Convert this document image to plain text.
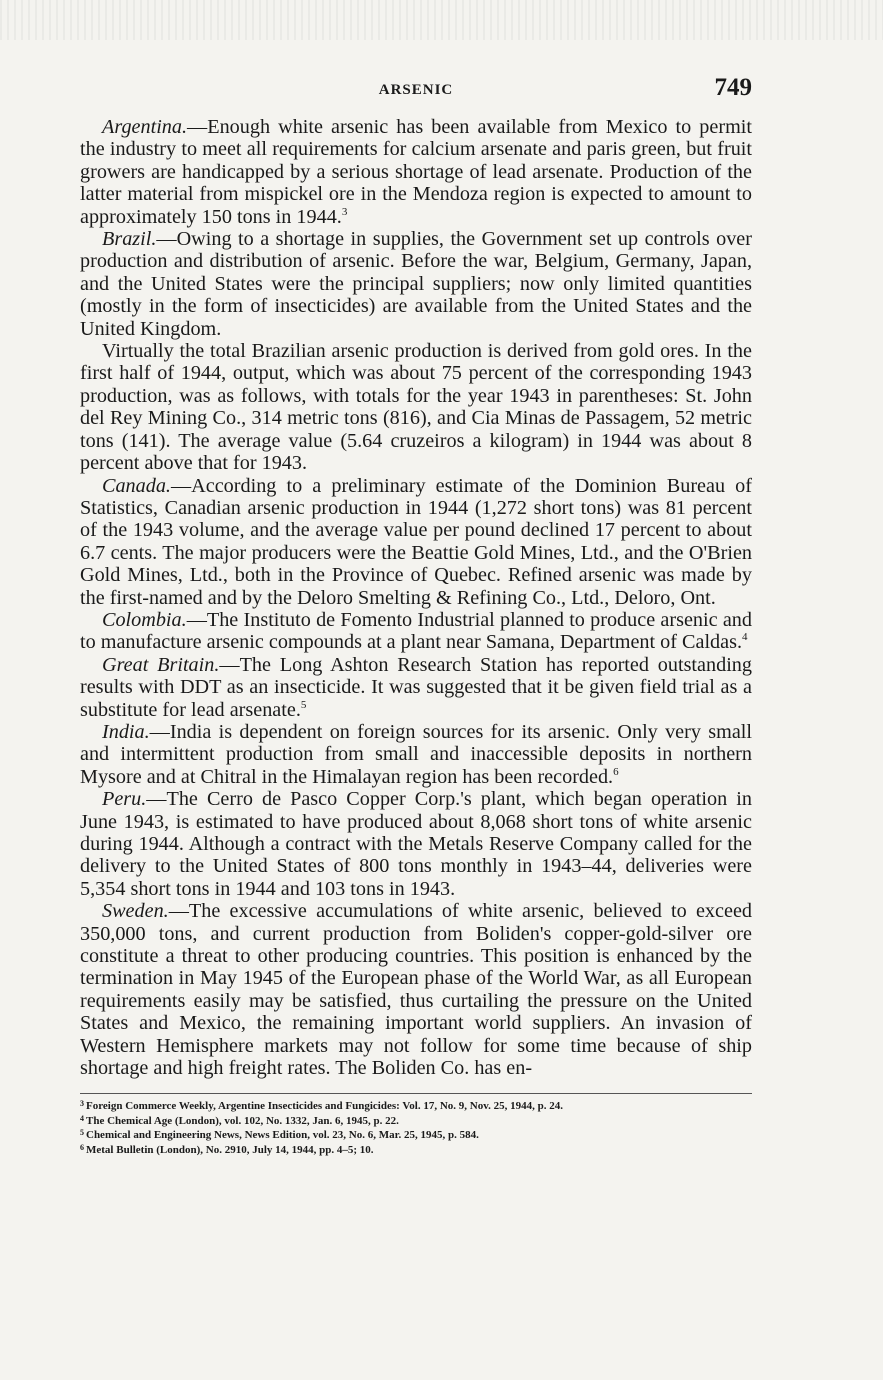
ARSENIC	749

Argentina.—Enough white arsenic has been available from Mexico to permit the industry to meet all requirements for calcium arsenate and paris green, but fruit growers are handicapped by a serious shortage of lead arsenate. Production of the latter material from mispickel ore in the Mendoza region is expected to amount to approximately 150 tons in 1944.$^3$

Brazil.—Owing to a shortage in supplies, the Government set up controls over production and distribution of arsenic. Before the war, Belgium, Germany, Japan, and the United States were the principal suppliers; now only limited quantities (mostly in the form of insecticides) are available from the United States and the United Kingdom.

Virtually the total Brazilian arsenic production is derived from gold ores. In the first half of 1944, output, which was about 75 percent of the corresponding 1943 production, was as follows, with totals for the year 1943 in parentheses: St. John del Rey Mining Co., 314 metric tons (816), and Cia Minas de Passagem, 52 metric tons (141). The average value (5.64 cruzeiros a kilogram) in 1944 was about 8 percent above that for 1943.

Canada.—According to a preliminary estimate of the Dominion Bureau of Statistics, Canadian arsenic production in 1944 (1,272 short tons) was 81 percent of the 1943 volume, and the average value per pound declined 17 percent to about 6.7 cents. The major producers were the Beattie Gold Mines, Ltd., and the O'Brien Gold Mines, Ltd., both in the Province of Quebec. Refined arsenic was made by the first-named and by the Deloro Smelting & Refining Co., Ltd., Deloro, Ont.

Colombia.—The Instituto de Fomento Industrial planned to produce arsenic and to manufacture arsenic compounds at a plant near Samana, Department of Caldas.$^4$

Great Britain.—The Long Ashton Research Station has reported outstanding results with DDT as an insecticide. It was suggested that it be given field trial as a substitute for lead arsenate.$^5$

India.—India is dependent on foreign sources for its arsenic. Only very small and intermittent production from small and inaccessible deposits in northern Mysore and at Chitral in the Himalayan region has been recorded.$^6$

Peru.—The Cerro de Pasco Copper Corp.'s plant, which began operation in June 1943, is estimated to have produced about 8,068 short tons of white arsenic during 1944. Although a contract with the Metals Reserve Company called for the delivery to the United States of 800 tons monthly in 1943–44, deliveries were 5,354 short tons in 1944 and 103 tons in 1943.

Sweden.—The excessive accumulations of white arsenic, believed to exceed 350,000 tons, and current production from Boliden's copper-gold-silver ore constitute a threat to other producing countries. This position is enhanced by the termination in May 1945 of the European phase of the World War, as all European requirements easily may be satisfied, thus curtailing the pressure on the United States and Mexico, the remaining important world suppliers. An invasion of Western Hemisphere markets may not follow for some time because of ship shortage and high freight rates. The Boliden Co. has en-

$^3$ Foreign Commerce Weekly, Argentine Insecticides and Fungicides: Vol. 17, No. 9, Nov. 25, 1944, p. 24.
$^4$ The Chemical Age (London), vol. 102, No. 1332, Jan. 6, 1945, p. 22.
$^5$ Chemical and Engineering News, News Edition, vol. 23, No. 6, Mar. 25, 1945, p. 584.
$^6$ Metal Bulletin (London), No. 2910, July 14, 1944, pp. 4–5; 10.
